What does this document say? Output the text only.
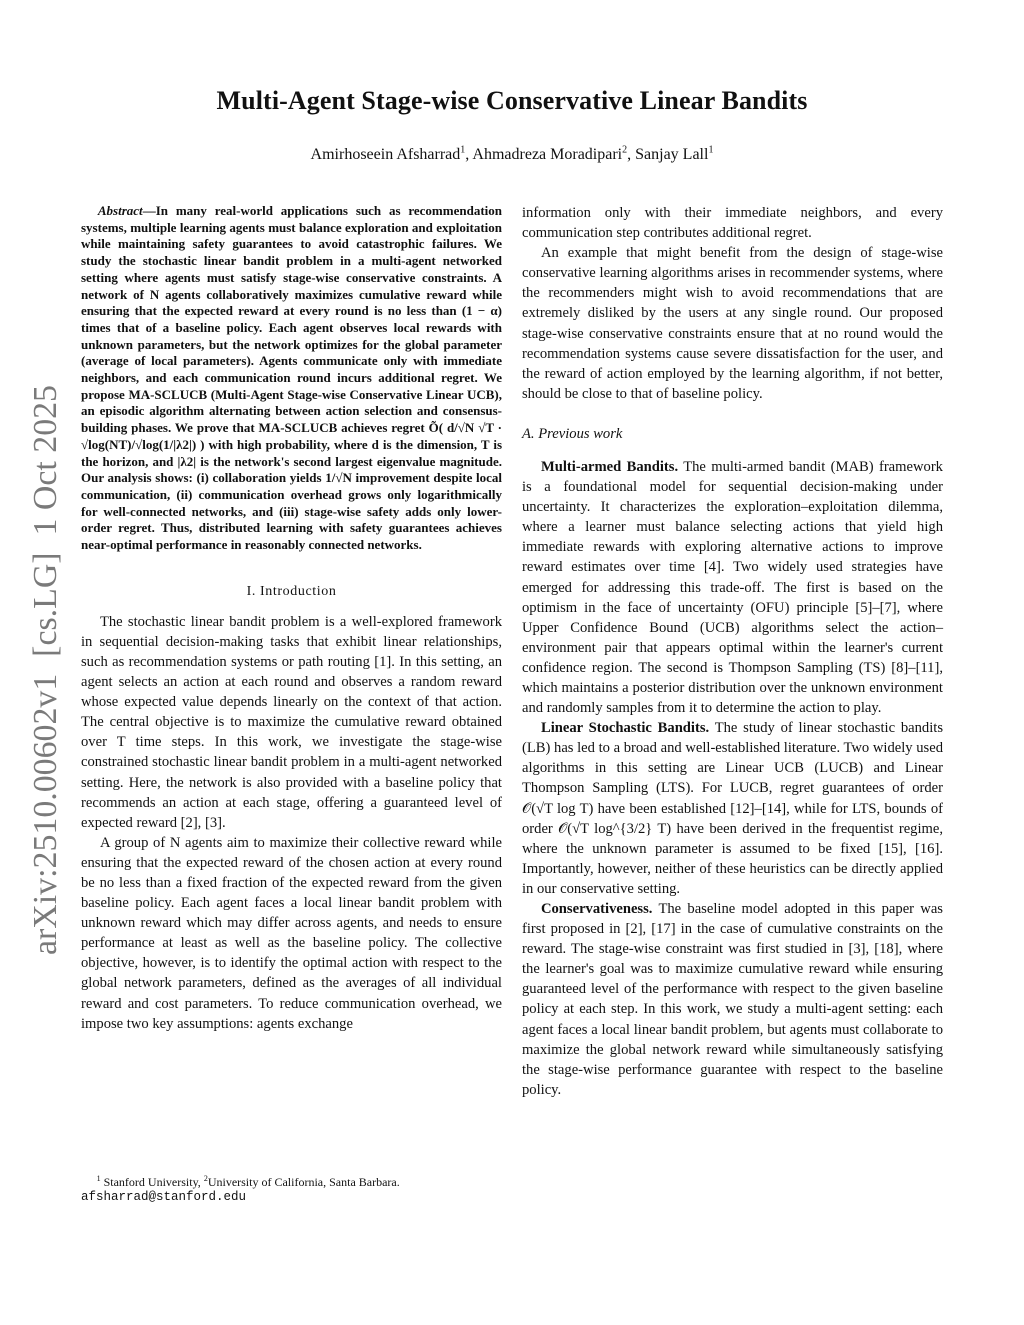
arXiv:2510.00602v1  [cs.LG]  1 Oct 2025
Multi-Agent Stage-wise Conservative Linear Bandits
Amirhoseein Afsharrad$^1$, Ahmadreza Moradipari$^2$, Sanjay Lall$^1$

Abstract—In many real-world applications such as recommendation systems, multiple learning agents must balance exploration and exploitation while maintaining safety guarantees to avoid catastrophic failures. We study the stochastic linear bandit problem in a multi-agent networked setting where agents must satisfy stage-wise conservative constraints. A network of N agents collaboratively maximizes cumulative reward while ensuring that the expected reward at every round is no less than (1 − α) times that of a baseline policy. Each agent observes local rewards with unknown parameters, but the network optimizes for the global parameter (average of local parameters). Agents communicate only with immediate neighbors, and each communication round incurs additional regret. We propose MA-SCLUCB (Multi-Agent Stage-wise Conservative Linear UCB), an episodic algorithm alternating between action selection and consensus-building phases. We prove that MA-SCLUCB achieves regret Õ( d/√N √T · √log(NT)/√log(1/|λ2|) ) with high probability, where d is the dimension, T is the horizon, and |λ2| is the network's second largest eigenvalue magnitude. Our analysis shows: (i) collaboration yields 1/√N improvement despite local communication, (ii) communication overhead grows only logarithmically for well-connected networks, and (iii) stage-wise safety adds only lower-order regret. Thus, distributed learning with safety guarantees achieves near-optimal performance in reasonably connected networks.

I. Introduction

The stochastic linear bandit problem is a well-explored framework in sequential decision-making tasks that exhibit linear relationships, such as recommendation systems or path routing [1]. In this setting, an agent selects an action at each round and observes a random reward whose expected value depends linearly on the context of that action. The central objective is to maximize the cumulative reward obtained over T time steps. In this work, we investigate the stage-wise constrained stochastic linear bandit problem in a multi-agent networked setting. Here, the network is also provided with a baseline policy that recommends an action at each stage, offering a guaranteed level of expected reward [2], [3].

A group of N agents aim to maximize their collective reward while ensuring that the expected reward of the chosen action at every round be no less than a fixed fraction of the expected reward from the given baseline policy. Each agent faces a local linear bandit problem with unknown reward which may differ across agents, and needs to ensure performance at least as well as the baseline policy. The collective objective, however, is to identify the optimal action with respect to the global network parameters, defined as the averages of all individual reward and cost parameters. To reduce communication overhead, we impose two key assumptions: agents exchange

information only with their immediate neighbors, and every communication step contributes additional regret.

An example that might benefit from the design of stage-wise conservative learning algorithms arises in recommender systems, where the recommenders might wish to avoid recommendations that are extremely disliked by the users at any single round. Our proposed stage-wise conservative constraints ensure that at no round would the recommendation systems cause severe dissatisfaction for the user, and the reward of action employed by the learning algorithm, if not better, should be close to that of baseline policy.

A. Previous work

Multi-armed Bandits. The multi-armed bandit (MAB) framework is a foundational model for sequential decision-making under uncertainty. It characterizes the exploration–exploitation dilemma, where a learner must balance selecting actions that yield high immediate rewards with exploring alternative actions to improve reward estimates over time [4]. Two widely used strategies have emerged for addressing this trade-off. The first is based on the optimism in the face of uncertainty (OFU) principle [5]–[7], where Upper Confidence Bound (UCB) algorithms select the action–environment pair that appears optimal within the learner's current confidence region. The second is Thompson Sampling (TS) [8]–[11], which maintains a posterior distribution over the unknown environment and randomly samples from it to determine the action to play.

Linear Stochastic Bandits. The study of linear stochastic bandits (LB) has led to a broad and well-established literature. Two widely used algorithms in this setting are Linear UCB (LUCB) and Linear Thompson Sampling (LTS). For LUCB, regret guarantees of order 𝒪(√T log T) have been established [12]–[14], while for LTS, bounds of order 𝒪(√T log^{3/2} T) have been derived in the frequentist regime, where the unknown parameter is assumed to be fixed [15], [16]. Importantly, however, neither of these heuristics can be directly applied in our conservative setting.

Conservativeness. The baseline model adopted in this paper was first proposed in [2], [17] in the case of cumulative constraints on the reward. The stage-wise constraint was first studied in [3], [18], where the learner's goal was to maximize cumulative reward while ensuring guaranteed level of the performance with respect to the given baseline policy at each step. In this work, we study a multi-agent setting: each agent faces a local linear bandit problem, but agents must collaborate to maximize the global network reward while simultaneously satisfying the stage-wise performance guarantee with respect to the baseline policy.

$^1$ Stanford University, $^2$University of California, Santa Barbara.
afsharrad@stanford.edu
